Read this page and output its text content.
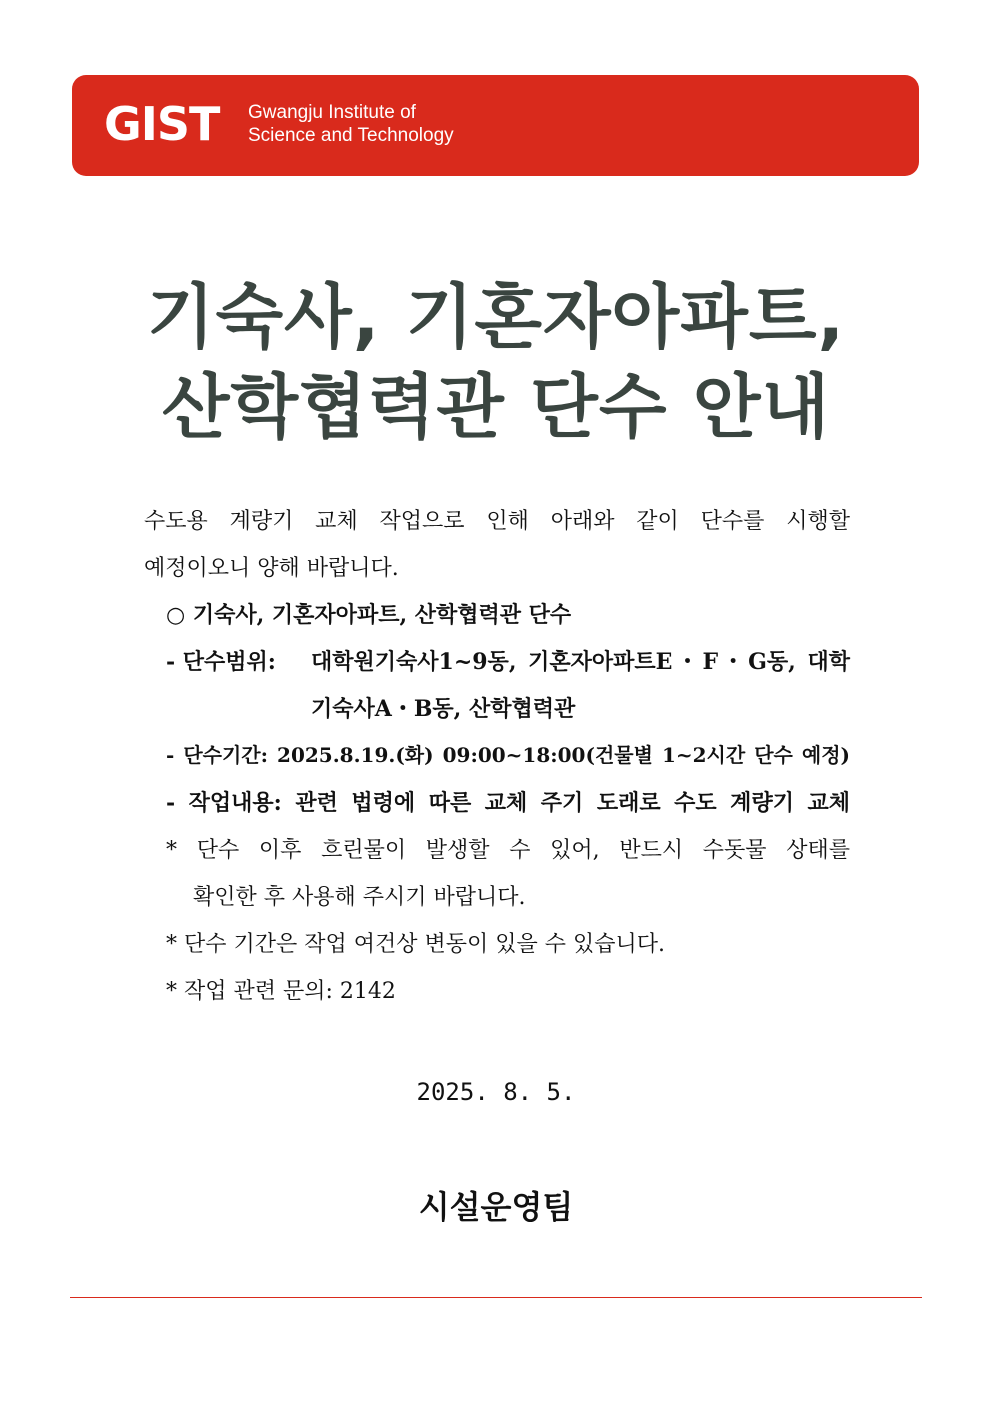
GIST Gwangju Institute of
Science and Technology
기숙사, 기혼자아파트,
산학협력관 단수 안내
수도용 계량기 교체 작업으로 인해 아래와 같이 단수를 시행할
예정이오니 양해 바랍니다.
○ 기숙사, 기혼자아파트, 산학협력관 단수
- 단수범위: 대학원기숙사1~9동, 기혼자아파트E・F・G동, 대학
기숙사A・B동, 산학협력관
- 단수기간: 2025.8.19.(화) 09:00~18:00(건물별 1~2시간 단수 예정)
- 작업내용: 관련 법령에 따른 교체 주기 도래로 수도 계량기 교체
* 단수 이후 흐린물이 발생할 수 있어, 반드시 수돗물 상태를
확인한 후 사용해 주시기 바랍니다.
* 단수 기간은 작업 여건상 변동이 있을 수 있습니다.
* 작업 관련 문의: 2142
2025. 8. 5.
시설운영팀
